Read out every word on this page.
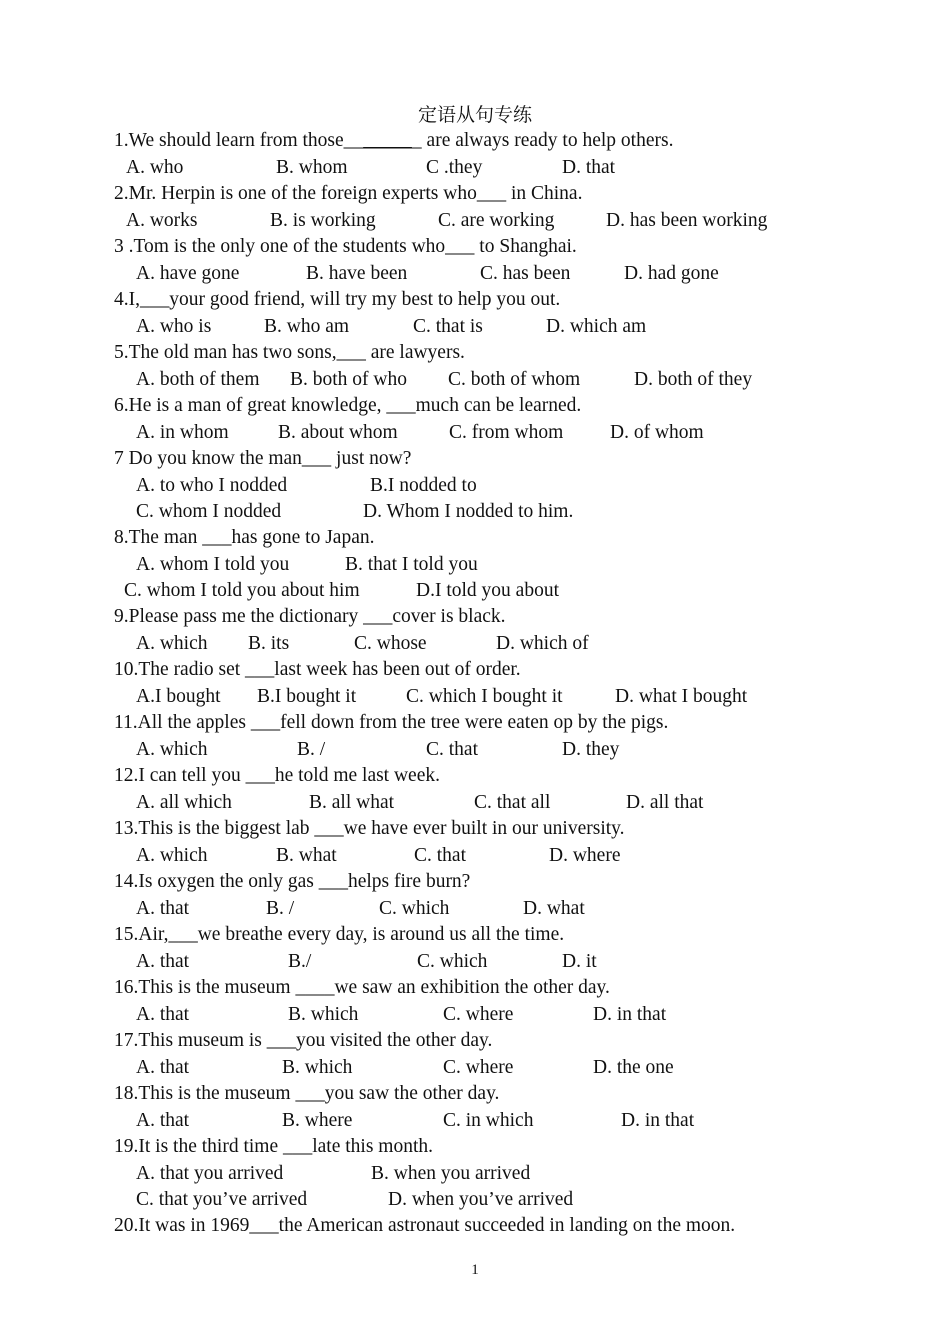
定语从句专练
1.We should learn from those________ are always ready to help others.
A. who	B. whom	C .they	D. that
2.Mr. Herpin is one of the foreign experts who___ in China.
A. works	B. is working	C. are working	D. has been working
3 .Tom is the only one of the students who___ to Shanghai.
A. have gone	B. have been	C. has been	D. had gone
4.I,___your good friend, will try my best to help you out.
A. who is	B. who am	C. that is	D. which am
5.The old man has two sons,___ are lawyers.
A. both of them B. both of who C. both of whom	D. both of they
6.He is a man of great knowledge, ___much can be learned.
A. in whom	B. about whom	C. from whom D. of whom
7 Do you know the man___ just now?
A. to who I nodded	B.I nodded to
C. whom I nodded	D. Whom I nodded to him.
8.The man ___has gone to Japan.
A. whom I told you	B. that I told you
C. whom I told you about him	D.I told you about
9.Please pass me the dictionary ___cover is black.
A. which B. its	C. whose	D. which of
10.The radio set ___last week has been out of order.
A.I bought B.I bought it	C. which I bought it	D. what I bought
11.All the apples ___fell down from the tree were eaten op by the pigs.
A. which	B. /	C. that	D. they
12.I can tell you ___he told me last week.
A. all which	B. all what	C. that all	D. all that
13.This is the biggest lab ___we have ever built in our university.
A. which	B. what	C. that	D. where
14.Is oxygen the only gas ___helps fire burn?
A. that	B. /	C. which	D. what
15.Air,___we breathe every day, is around us all the time.
A. that	B./	C. which	D. it
16.This is the museum ____we saw an exhibition the other day.
A. that	B. which	C. where	D. in that
17.This museum is ___you visited the other day.
A. that	B. which	C. where	D. the one
18.This is the museum ___you saw the other day.
A. that	B. where	C. in which	D. in that
19.It is the third time ___late this month.
A. that you arrived	B. when you arrived
C. that you’ve arrived	D. when you’ve arrived
20.It was in 1969___the American astronaut succeeded in landing on the moon.
1
